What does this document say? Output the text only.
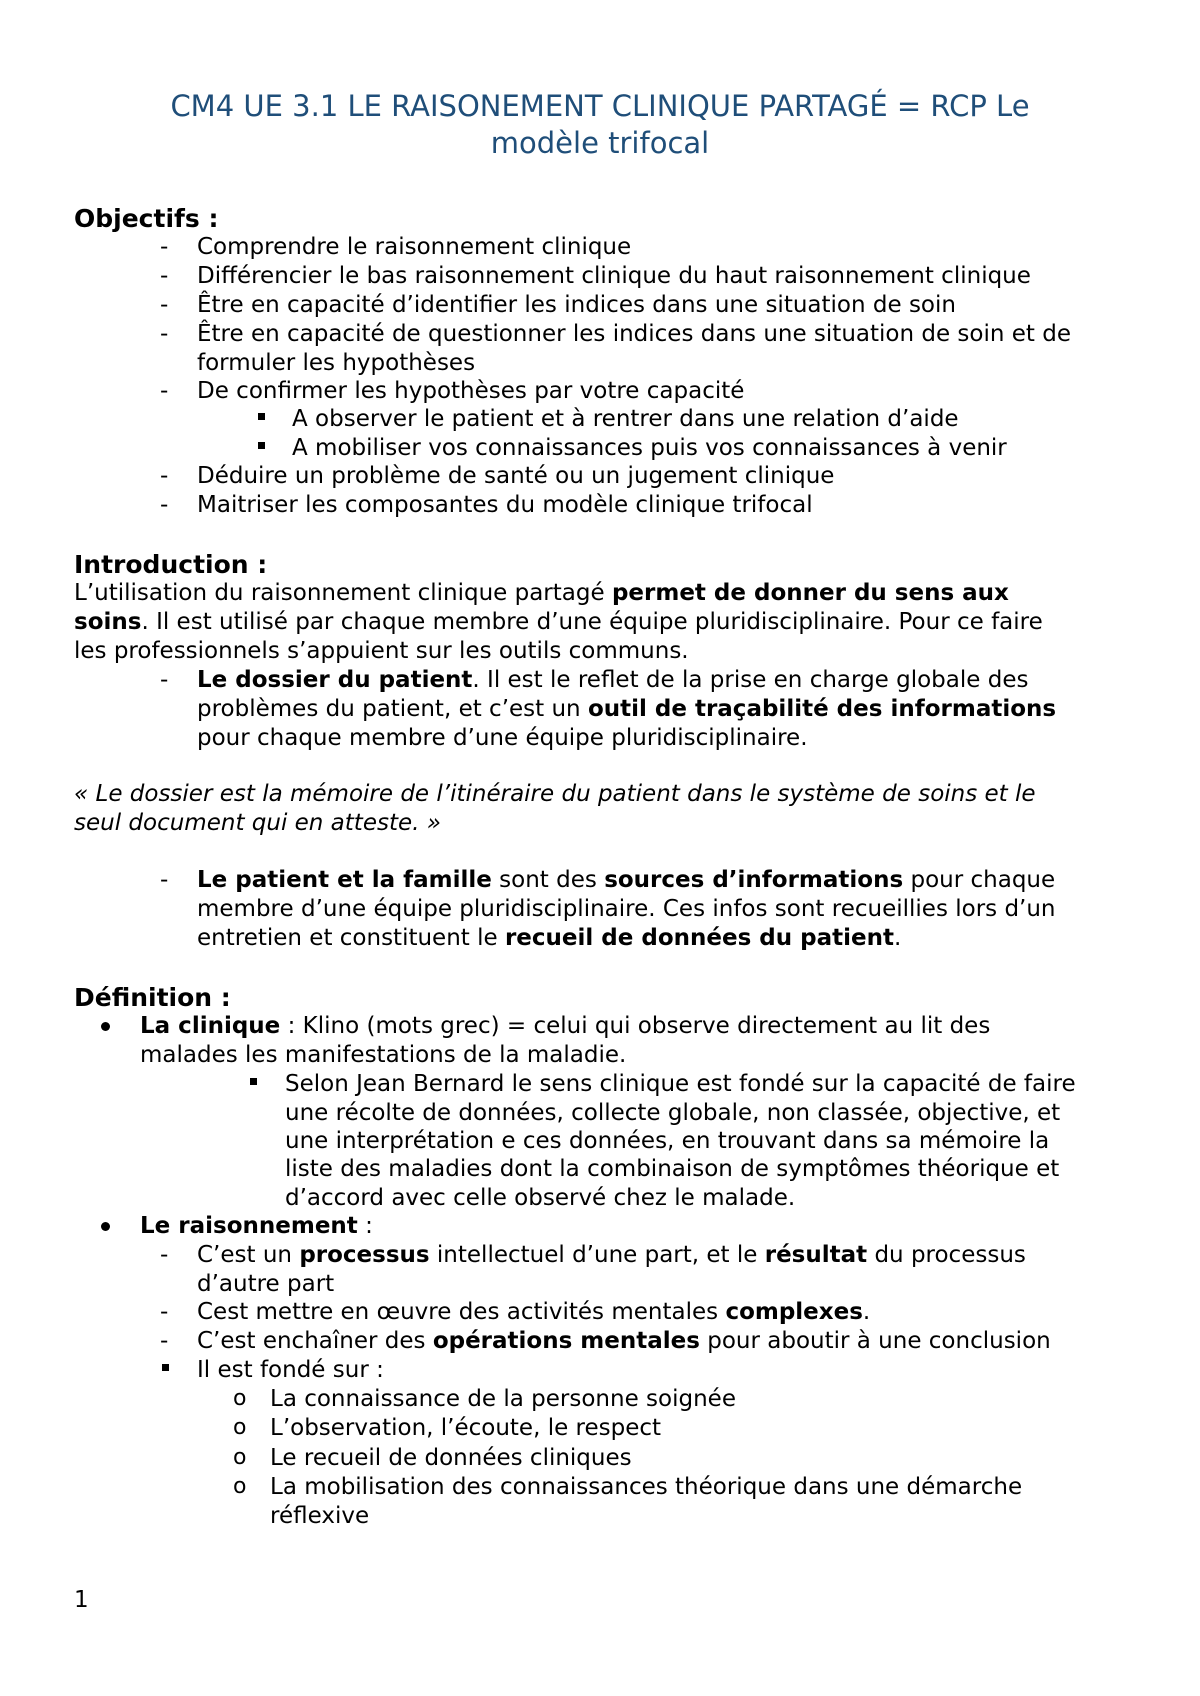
CM4 UE 3.1 LE RAISONEMENT CLINIQUE PARTAGÉ = RCP Le
modèle trifocal

Objectifs :

- Comprendre le raisonnement clinique

- Différencier le bas raisonnement clinique du haut raisonnement clinique

- Être en capacité d’identifier les indices dans une situation de soin

- Être en capacité de questionner les indices dans une situation de soin et de

formuler les hypothèses

- De confirmer les hypothèses par votre capacité

A observer le patient et à rentrer dans une relation d’aide

A mobiliser vos connaissances puis vos connaissances à venir

- Déduire un problème de santé ou un jugement clinique

- Maitriser les composantes du modèle clinique trifocal

Introduction :

L’utilisation du raisonnement clinique partagé permet de donner du sens aux

soins. Il est utilisé par chaque membre d’une équipe pluridisciplinaire. Pour ce faire

les professionnels s’appuient sur les outils communs.

- Le dossier du patient. Il est le reflet de la prise en charge globale des

problèmes du patient, et c’est un outil de traçabilité des informations

pour chaque membre d’une équipe pluridisciplinaire.

« Le dossier est la mémoire de l’itinéraire du patient dans le système de soins et le

seul document qui en atteste. »

- Le patient et la famille sont des sources d’informations pour chaque

membre d’une équipe pluridisciplinaire. Ces infos sont recueillies lors d’un

entretien et constituent le recueil de données du patient.

Définition :

La clinique : Klino (mots grec) = celui qui observe directement au lit des

malades les manifestations de la maladie.

Selon Jean Bernard le sens clinique est fondé sur la capacité de faire

une récolte de données, collecte globale, non classée, objective, et

une interprétation e ces données, en trouvant dans sa mémoire la

liste des maladies dont la combinaison de symptômes théorique et

d’accord avec celle observé chez le malade.

Le raisonnement :

- C’est un processus intellectuel d’une part, et le résultat du processus

d’autre part

- Cest mettre en œuvre des activités mentales complexes.

- C’est enchaîner des opérations mentales pour aboutir à une conclusion

Il est fondé sur :

o La connaissance de la personne soignée

o L’observation, l’écoute, le respect

o Le recueil de données cliniques

o La mobilisation des connaissances théorique dans une démarche

réflexive

1
